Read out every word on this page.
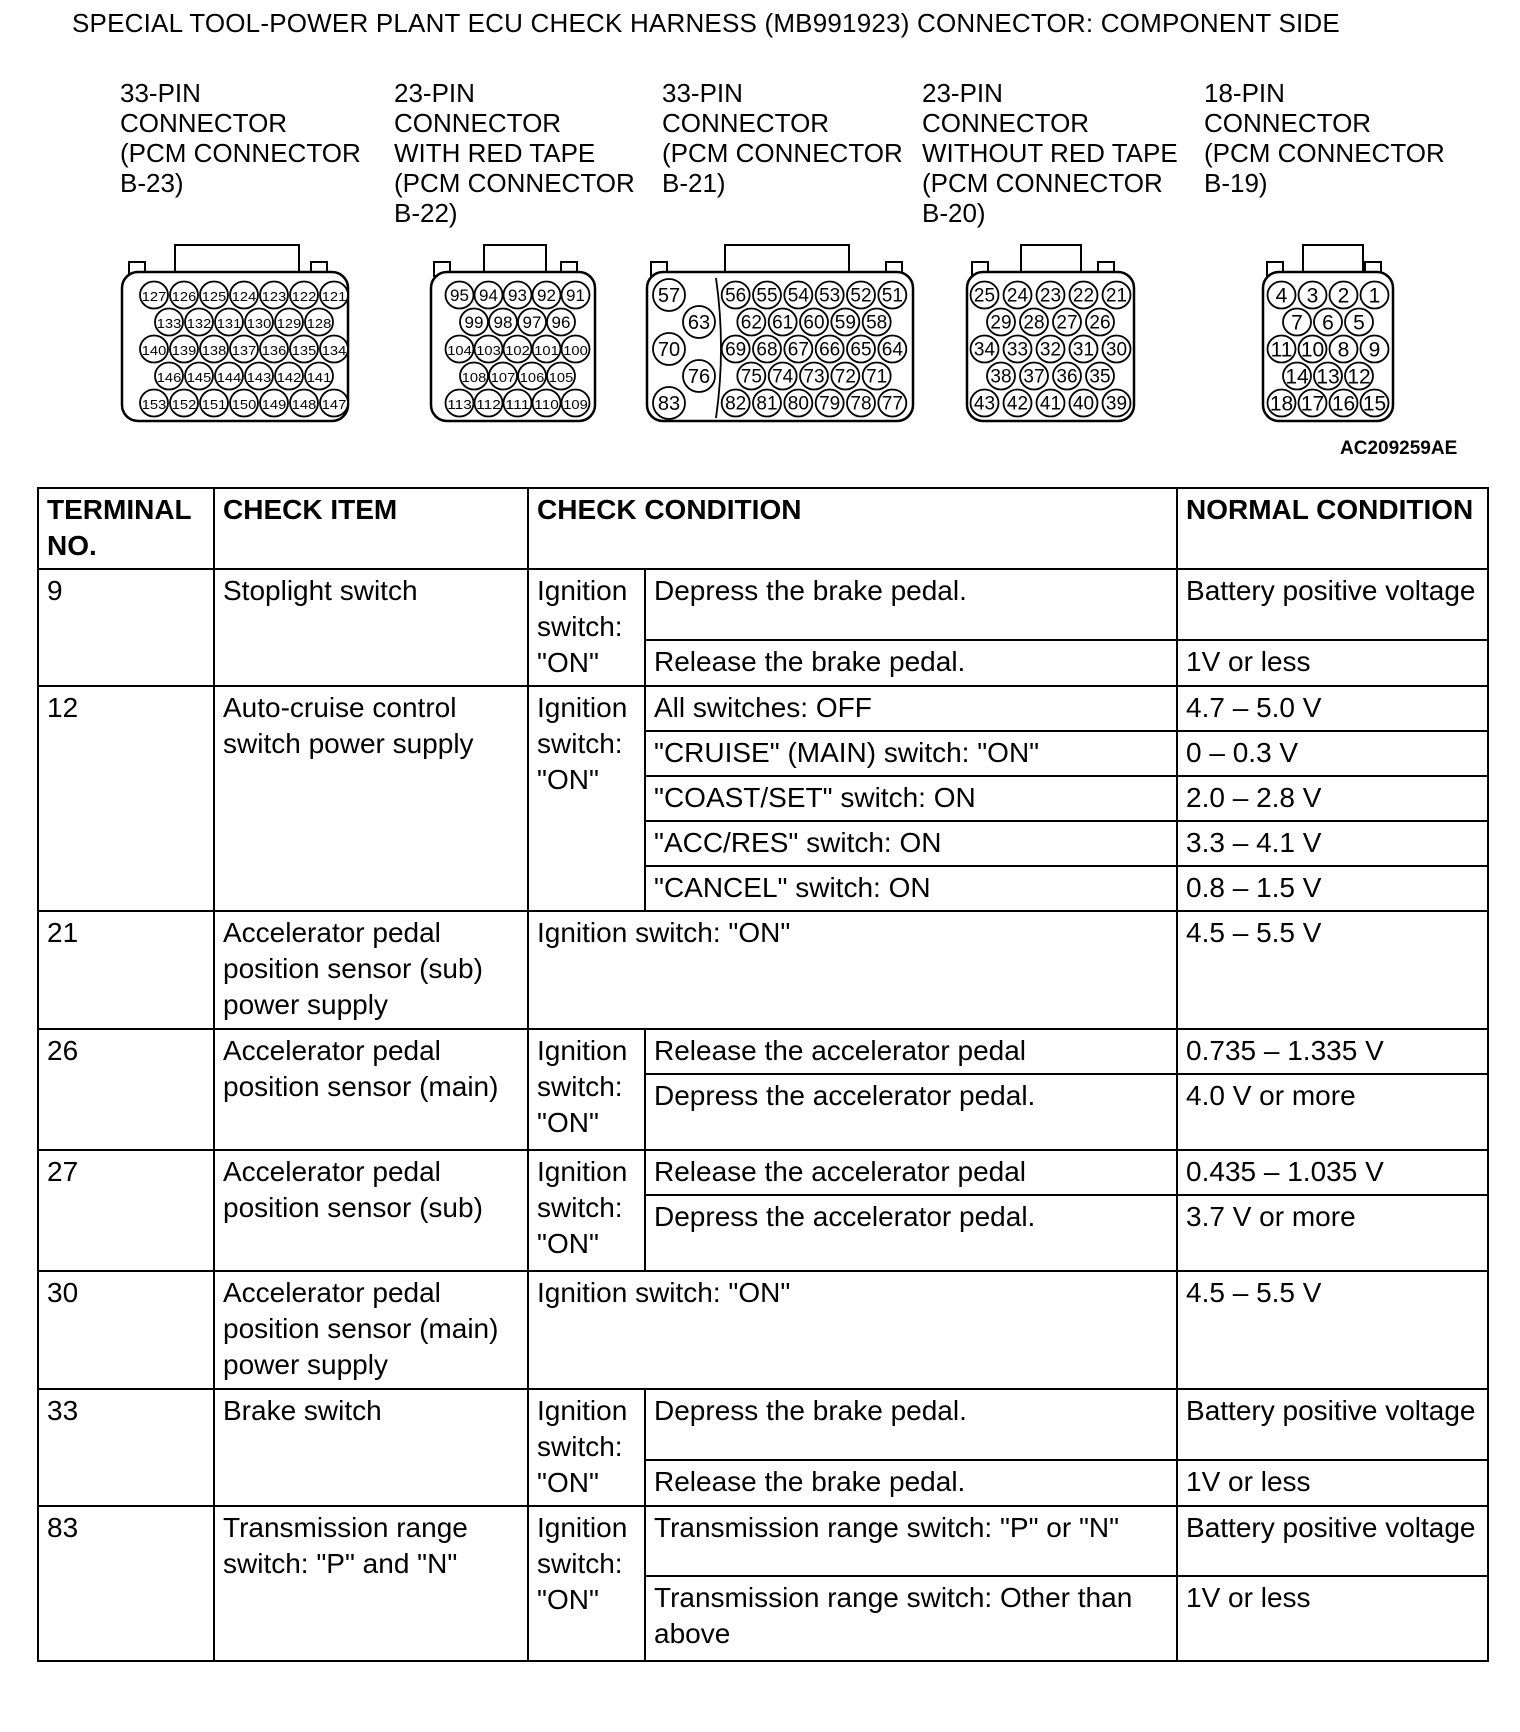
SPECIAL TOOL-POWER PLANT ECU CHECK HARNESS (MB991923) CONNECTOR: COMPONENT SIDE
33-PIN
CONNECTOR
(PCM CONNECTOR
B-23)
23-PIN
CONNECTOR
WITH RED TAPE
(PCM CONNECTOR
B-22)
33-PIN
CONNECTOR
(PCM CONNECTOR
B-21)
23-PIN
CONNECTOR
WITHOUT RED TAPE
(PCM CONNECTOR
B-20)
18-PIN
CONNECTOR
(PCM CONNECTOR
B-19)
127 126 125 124 123 122 121
133 132 131 130 129 128
140 139 138 137 136 135 134
146 145 144 143 142 141
153 152 151 150 149 148 147
95 94 93 92 91
99 98 97 96
104 103 102 101 100
108 107 106 105
113 112 111 110 109
56 55 54 53 52 51
62 61 60 59 58
69 68 67 66 65 64
75 74 73 72 71
82 81 80 79 78 77
57
63
70
76
83
25 24 23 22 21
29 28 27 26
34 33 32 31 30
38 37 36 35
43 42 41 40 39
4 3 2 1
7 6 5
11 10 8 9
14 13 12
18 17 16 15
AC209259AE
TERMINAL NO.	CHECK ITEM	CHECK CONDITION		NORMAL CONDITION
9	Stoplight switch	Ignition switch: "ON"	Depress the brake pedal.	Battery positive voltage
			Release the brake pedal.	1V or less
12	Auto-cruise control switch power supply	Ignition switch: "ON"	All switches: OFF	4.7 – 5.0 V
			"CRUISE" (MAIN) switch: "ON"	0 – 0.3 V
			"COAST/SET" switch: ON	2.0 – 2.8 V
			"ACC/RES" switch: ON	3.3 – 4.1 V
			"CANCEL" switch: ON	0.8 – 1.5 V
21	Accelerator pedal position sensor (sub) power supply	Ignition switch: "ON"		4.5 – 5.5 V
26	Accelerator pedal position sensor (main)	Ignition switch: "ON"	Release the accelerator pedal	0.735 – 1.335 V
			Depress the accelerator pedal.	4.0 V or more
27	Accelerator pedal position sensor (sub)	Ignition switch: "ON"	Release the accelerator pedal	0.435 – 1.035 V
			Depress the accelerator pedal.	3.7 V or more
30	Accelerator pedal position sensor (main) power supply	Ignition switch: "ON"		4.5 – 5.5 V
33	Brake switch	Ignition switch: "ON"	Depress the brake pedal.	Battery positive voltage
			Release the brake pedal.	1V or less
83	Transmission range switch: "P" and "N"	Ignition switch: "ON"	Transmission range switch: "P" or "N"	Battery positive voltage
			Transmission range switch: Other than above	1V or less
